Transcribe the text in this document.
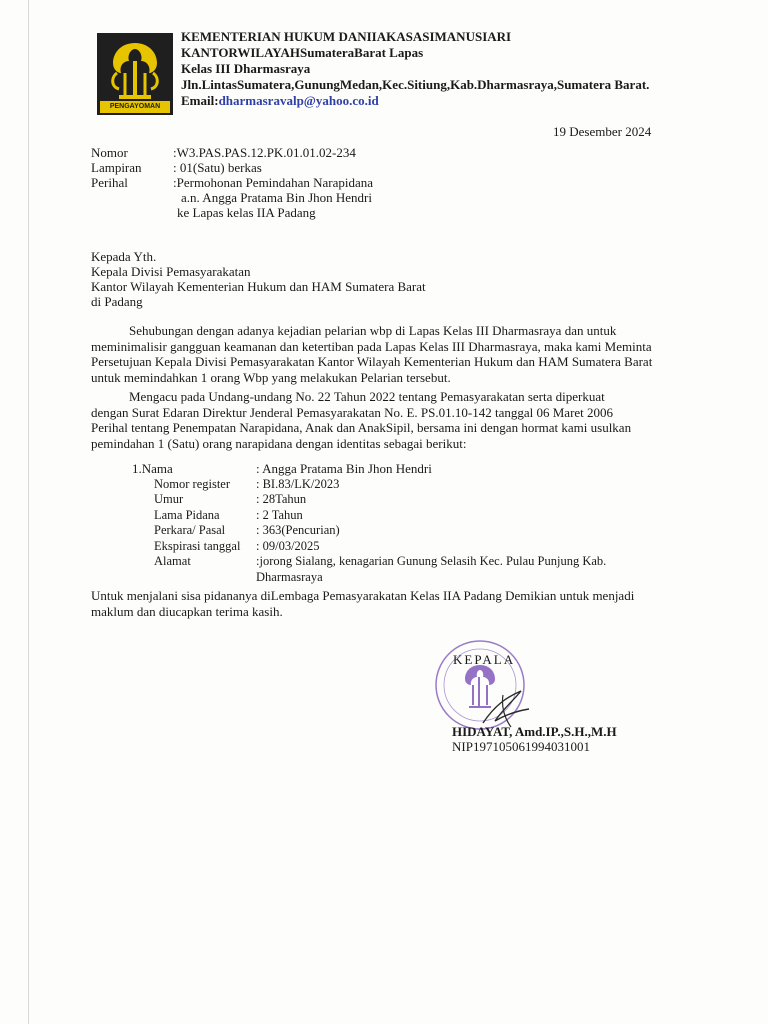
PENGAYOMAN
KEMENTERIAN HUKUM DANIIAKASASIMANUSIARI
KANTORWILAYAHSumateraBarat Lapas
Kelas III Dharmasraya
Jln.LintasSumatera,GunungMedan,Kec.Sitiung,Kab.Dharmasraya,Sumatera Barat.
Email:dharmasravalp@yahoo.co.id
19 Desember 2024
Nomor	:W3.PAS.PAS.12.PK.01.01.02-234
Lampiran	: 01(Satu) berkas
Perihal	:Permohonan Pemindahan Narapidana
a.n. Angga Pratama Bin Jhon Hendri
ke Lapas kelas IIA Padang
Kepada Yth.
Kepala Divisi Pemasyarakatan
Kantor Wilayah Kementerian Hukum dan HAM Sumatera Barat
di Padang

Sehubungan dengan adanya kejadian pelarian wbp di Lapas Kelas III Dharmasraya dan untuk

meminimalisir gangguan keamanan dan ketertiban pada Lapas Kelas III Dharmasraya, maka kami Meminta

Persetujuan Kepala Divisi Pemasyarakatan Kantor Wilayah Kementerian Hukum dan HAM Sumatera Barat

untuk memindahkan 1 orang Wbp yang melakukan Pelarian tersebut.

Mengacu pada Undang-undang No. 22 Tahun 2022 tentang Pemasyarakatan serta diperkuat

dengan Surat Edaran Direktur Jenderal Pemasyarakatan No. E. PS.01.10-142 tanggal 06 Maret 2006

Perihal tentang Penempatan Narapidana, Anak dan AnakSipil, bersama ini dengan hormat kami usulkan

pemindahan 1 (Satu) orang narapidana dengan identitas sebagai berikut:

1.Nama	: Angga Pratama Bin Jhon Hendri
Nomor register	: BI.83/LK/2023
Umur	: 28Tahun
Lama Pidana	: 2 Tahun
Perkara/ Pasal	: 363(Pencurian)
Ekspirasi tanggal	: 09/03/2025
Alamat	:jorong Sialang, kenagarian Gunung Selasih Kec. Pulau Punjung Kab.
Dharmasraya

Untuk menjalani sisa pidananya diLembaga Pemasyarakatan Kelas IIA Padang Demikian untuk menjadi

maklum dan diucapkan terima kasih.

KEPALA
HIDAYAT, Amd.IP.,S.H.,M.H
NIP197105061994031001
